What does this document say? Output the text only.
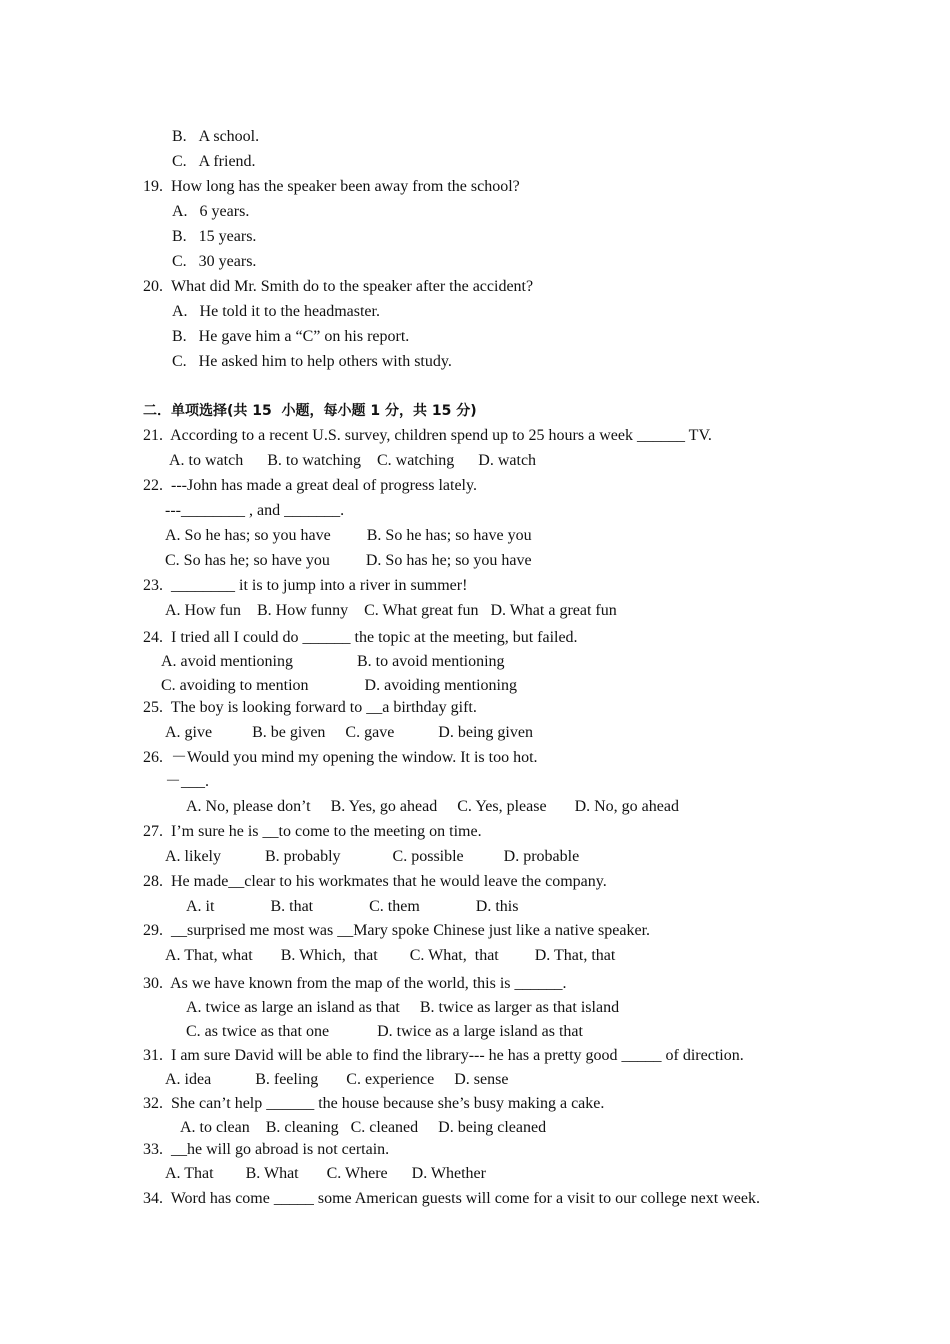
B.   A school.
C.   A friend.
19.  How long has the speaker been away from the school?
A.   6 years.
B.   15 years.
C.   30 years.
20.  What did Mr. Smith do to the speaker after the accident?
A.   He told it to the headmaster.
B.   He gave him a “C” on his report.
C.   He asked him to help others with study.
二．单项选择(共 15  小题，每小题 1 分，共 15 分)
21.  According to a recent U.S. survey, children spend up to 25 hours a week ______ TV.
A. to watch      B. to watching    C. watching      D. watch
22.  ---John has made a great deal of progress lately.
---________ , and _______.
A. So he has; so you have         B. So he has; so have you
C. So has he; so have you         D. So has he; so you have
23.  ________ it is to jump into a river in summer!
A. How fun    B. How funny    C. What great fun   D. What a great fun
24.  I tried all I could do ______ the topic at the meeting, but failed.
A. avoid mentioning                B. to avoid mentioning
C. avoiding to mention              D. avoiding mentioning
25.  The boy is looking forward to __a birthday gift.
A. give          B. be given     C. gave           D. being given
26.  －Would you mind my opening the window. It is too hot.
－___.
A. No, please don’t     B. Yes, go ahead     C. Yes, please       D. No, go ahead
27.  I’m sure he is __to come to the meeting on time.
A. likely           B. probably             C. possible          D. probable
28.  He made__clear to his workmates that he would leave the company.
A. it              B. that              C. them              D. this
29.  __surprised me most was __Mary spoke Chinese just like a native speaker.
A. That, what       B. Which,  that        C. What,  that         D. That, that
30.  As we have known from the map of the world, this is ______.
A. twice as large an island as that     B. twice as larger as that island
C. as twice as that one            D. twice as a large island as that
31.  I am sure David will be able to find the library--- he has a pretty good _____ of direction.
A. idea           B. feeling       C. experience     D. sense
32.  She can’t help ______ the house because she’s busy making a cake.
A. to clean    B. cleaning   C. cleaned     D. being cleaned
33.  __he will go abroad is not certain.
A. That        B. What       C. Where      D. Whether
34.  Word has come _____ some American guests will come for a visit to our college next week.
